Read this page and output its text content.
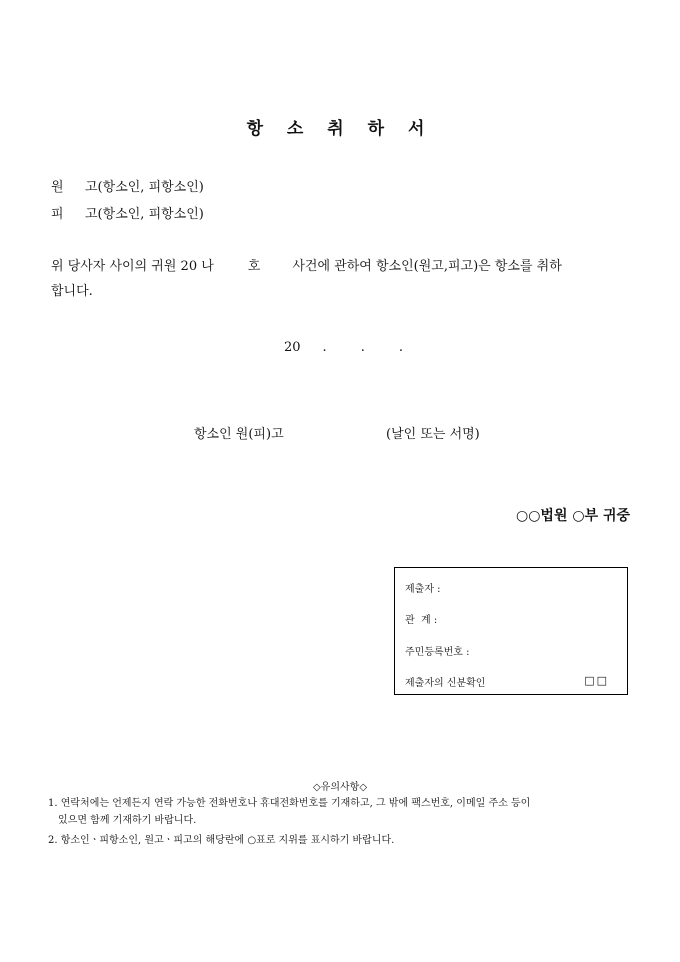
항 소 취 하 서
원 고(항소인, 피항소인)
피 고(항소인, 피항소인)
위 당사자 사이의 귀원 20 나	호 사건에 관하여 항소인(원고,피고)은 항소를 취하
합니다.
20 .	.	.
항소인 원(피)고	(날인 또는 서명)
○○법원 ○부 귀중
제출자 :
관  계 :
주민등록번호 :
제출자의 신분확인	□□
◇유의사항◇
1. 연락처에는 언제든지 연락 가능한 전화번호나 휴대전화번호를 기재하고, 그 밖에 팩스번호, 이메일 주소 등이
있으면 함께 기재하기 바랍니다.
2. 항소인ㆍ피항소인, 원고ㆍ피고의 해당란에 ○표로 지위를 표시하기 바랍니다.
